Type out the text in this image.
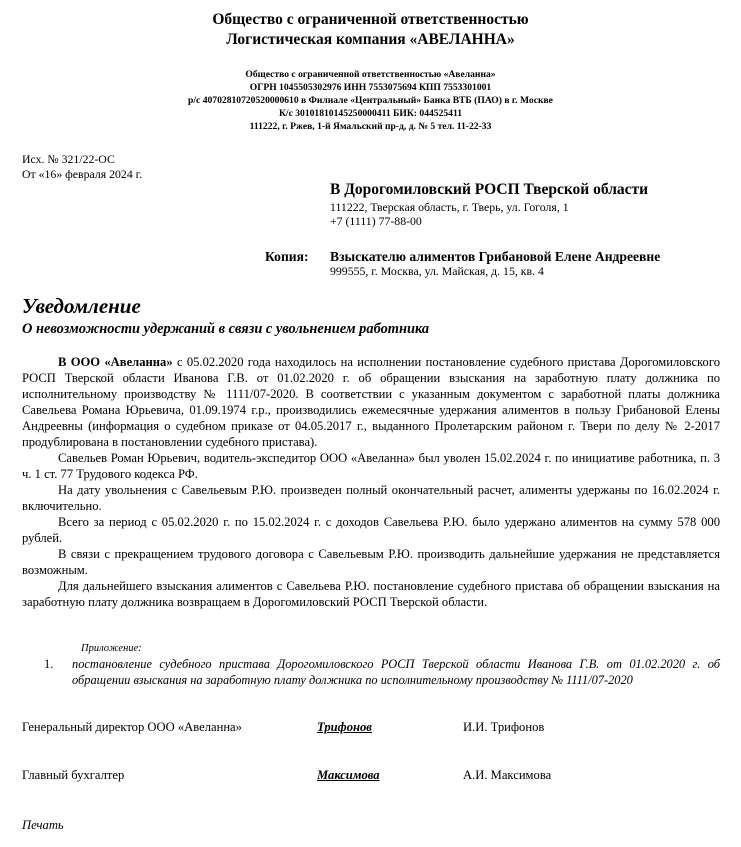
Общество с ограниченной ответственностью
Логистическая компания «АВЕЛАННА»
Общество с ограниченной ответственностью «Авеланна»
ОГРН 1045505302976 ИНН 7553075694 КПП 7553301001
р/с 40702810720520000610 в Филиале «Центральный» Банка ВТБ (ПАО) в г. Москве
К/с 30101810145250000411 БИК: 044525411
111222, г. Ржев, 1-й Ямальский пр-д, д. № 5 тел. 11-22-33
Исх. № 321/22-ОС
От «16» февраля 2024 г.
В Дорогомиловский РОСП Тверской области
111222, Тверская область, г. Тверь, ул. Гоголя, 1
+7 (1111) 77-88-00
Копия: Взыскателю алиментов Грибановой Елене Андреевне
999555, г. Москва, ул. Майская, д. 15, кв. 4
Уведомление
О невозможности удержаний в связи с увольнением работника

В ООО «Авеланна» с 05.02.2020 года находилось на исполнении постановление судебного пристава Дорогомиловского РОСП Тверской области Иванова Г.В. от 01.02.2020 г. об обращении взыскания на заработную плату должника по исполнительному производству № 1111/07-2020. В соответствии с указанным документом с заработной платы должника Савельева Романа Юрьевича, 01.09.1974 г.р., производились ежемесячные удержания алиментов в пользу Грибановой Елены Андреевны (информация о судебном приказе от 04.05.2017 г., выданного Пролетарским районом г. Твери по делу № 2-2017 продублирована в постановлении судебного пристава).

Савельев Роман Юрьевич, водитель-экспедитор ООО «Авеланна» был уволен 15.02.2024 г. по инициативе работника, п. 3 ч. 1 ст. 77 Трудового кодекса РФ.

На дату увольнения с Савельевым Р.Ю. произведен полный окончательный расчет, алименты удержаны по 16.02.2024 г. включительно.

Всего за период с 05.02.2020 г. по 15.02.2024 г. с доходов Савельева Р.Ю. было удержано алиментов на сумму 578 000 рублей.

В связи с прекращением трудового договора с Савельевым Р.Ю. производить дальнейшие удержания не представляется возможным.

Для дальнейшего взыскания алиментов с Савельева Р.Ю. постановление судебного пристава об обращении взыскания на заработную плату должника возвращаем в Дорогомиловский РОСП Тверской области.

Приложение:
1. постановление судебного пристава Дорогомиловского РОСП Тверской области Иванова Г.В. от 01.02.2020 г. об обращении взыскания на заработную плату должника по исполнительному производству № 1111/07-2020
Генеральный директор ООО «Авеланна»	Трифонов	И.И. Трифонов
Главный бухгалтер	Максимова	А.И. Максимова
Печать
